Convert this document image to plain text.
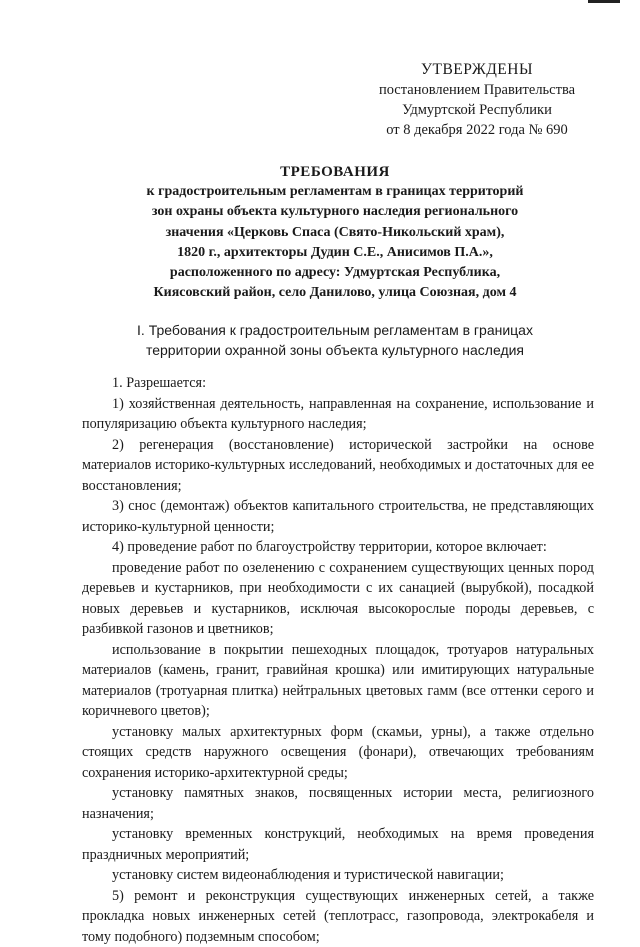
УТВЕРЖДЕНЫ
постановлением Правительства
Удмуртской Республики
от 8 декабря 2022 года № 690
ТРЕБОВАНИЯ
к градостроительным регламентам в границах территорий
зон охраны объекта культурного наследия регионального
значения «Церковь Спаса (Свято-Никольский храм),
1820 г., архитекторы Дудин С.Е., Анисимов П.А.»,
расположенного по адресу: Удмуртская Республика,
Киясовский район, село Данилово, улица Союзная, дом 4
I. Требования к градостроительным регламентам в границах
территории охранной зоны объекта культурного наследия

1. Разрешается:

1) хозяйственная деятельность, направленная на сохранение, использование и популяризацию объекта культурного наследия;

2) регенерация (восстановление) исторической застройки на основе материалов историко-культурных исследований, необходимых и достаточных для ее восстановления;

3) снос (демонтаж) объектов капитального строительства, не представляющих историко-культурной ценности;

4) проведение работ по благоустройству территории, которое включает:

проведение работ по озеленению с сохранением существующих ценных пород деревьев и кустарников, при необходимости с их санацией (вырубкой), посадкой новых деревьев и кустарников, исключая высокорослые породы деревьев, с разбивкой газонов и цветников;

использование в покрытии пешеходных площадок, тротуаров натуральных материалов (камень, гранит, гравийная крошка) или имитирующих натуральные материалов (тротуарная плитка) нейтральных цветовых гамм (все оттенки серого и коричневого цветов);

установку малых архитектурных форм (скамьи, урны), а также отдельно стоящих средств наружного освещения (фонари), отвечающих требованиям сохранения историко-архитектурной среды;

установку памятных знаков, посвященных истории места, религиозного назначения;

установку временных конструкций, необходимых на время проведения праздничных мероприятий;

установку систем видеонаблюдения и туристической навигации;

5) ремонт и реконструкция существующих инженерных сетей, а также прокладка новых инженерных сетей (теплотрасс, газопровода, электрокабеля и тому подобного) подземным способом;
